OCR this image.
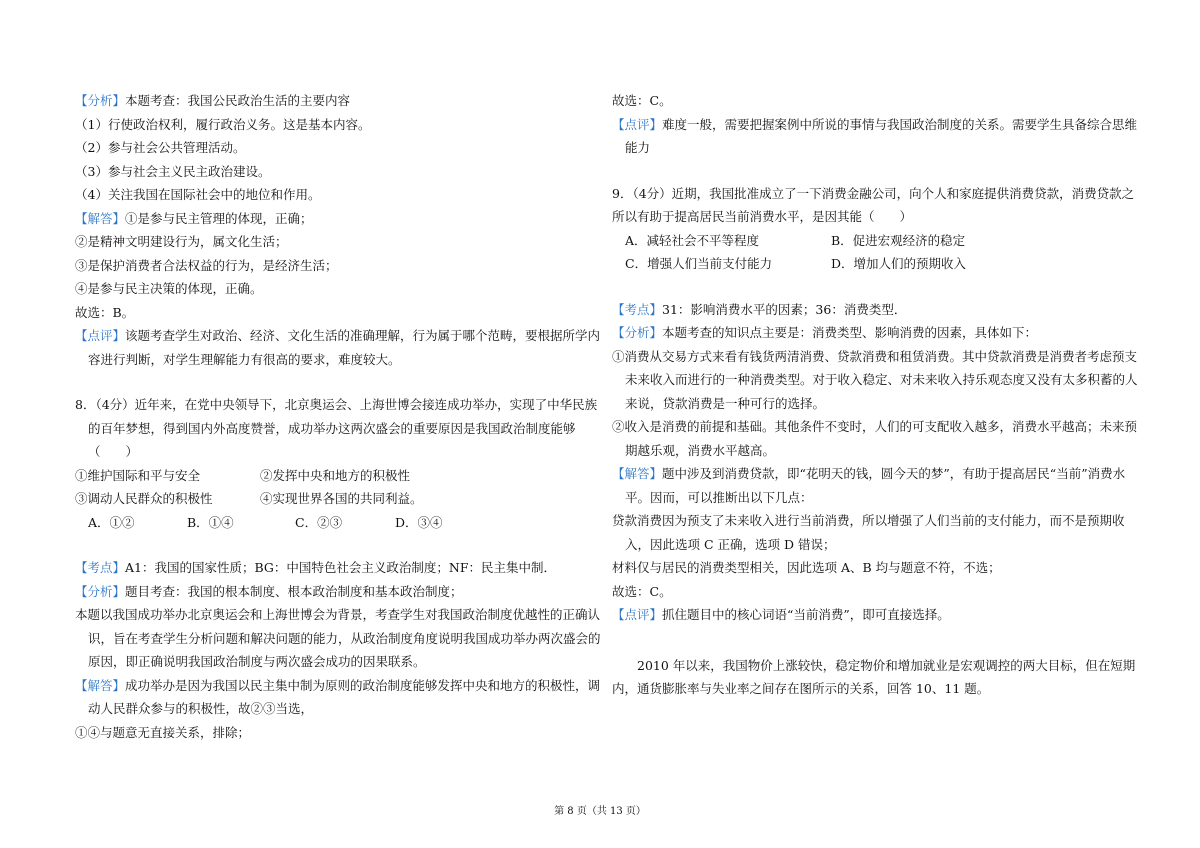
【分析】本题考查：我国公民政治生活的主要内容
（1）行使政治权利，履行政治义务。这是基本内容。
（2）参与社会公共管理活动。
（3）参与社会主义民主政治建设。
（4）关注我国在国际社会中的地位和作用。
【解答】①是参与民主管理的体现，正确；
②是精神文明建设行为，属文化生活；
③是保护消费者合法权益的行为，是经济生活；
④是参与民主决策的体现，正确。
故选：B。
【点评】该题考查学生对政治、经济、文化生活的准确理解，行为属于哪个范畴，要根据所学内
容进行判断，对学生理解能力有很高的要求，难度较大。
8．（4分）近年来，在党中央领导下，北京奥运会、上海世博会接连成功举办，实现了中华民族
的百年梦想，得到国内外高度赞誉，成功举办这两次盛会的重要原因是我国政治制度能够
（　　）
①维护国际和平与安全	②发挥中央和地方的积极性
③调动人民群众的积极性	④实现世界各国的共同利益。
A．①②	B．①④	C．②③	D．③④
【考点】A1：我国的国家性质；BG：中国特色社会主义政治制度；NF：民主集中制．
【分析】题目考查：我国的根本制度、根本政治制度和基本政治制度；
本题以我国成功举办北京奥运会和上海世博会为背景，考查学生对我国政治制度优越性的正确认
识，旨在考查学生分析问题和解决问题的能力，从政治制度角度说明我国成功举办两次盛会的
原因，即正确说明我国政治制度与两次盛会成功的因果联系。
【解答】成功举办是因为我国以民主集中制为原则的政治制度能够发挥中央和地方的积极性，调
动人民群众参与的积极性，故②③当选，
①④与题意无直接关系，排除；
故选：C。
【点评】难度一般，需要把握案例中所说的事情与我国政治制度的关系。需要学生具备综合思维
能力
9．（4分）近期，我国批准成立了一下消费金融公司，向个人和家庭提供消费贷款，消费贷款之
所以有助于提高居民当前消费水平，是因其能（　　）
A．减轻社会不平等程度	B．促进宏观经济的稳定
C．增强人们当前支付能力	D．增加人们的预期收入
【考点】31：影响消费水平的因素；36：消费类型．
【分析】本题考查的知识点主要是：消费类型、影响消费的因素，具体如下：
①消费从交易方式来看有钱货两清消费、贷款消费和租赁消费。其中贷款消费是消费者考虑预支
未来收入而进行的一种消费类型。对于收入稳定、对未来收入持乐观态度又没有太多积蓄的人
来说，贷款消费是一种可行的选择。
②收入是消费的前提和基础。其他条件不变时，人们的可支配收入越多，消费水平越高；未来预
期越乐观，消费水平越高。
【解答】题中涉及到消费贷款，即“花明天的钱，圆今天的梦”，有助于提高居民“当前”消费水
平。因而，可以推断出以下几点：
贷款消费因为预支了未来收入进行当前消费，所以增强了人们当前的支付能力，而不是预期收
入，因此选项 C 正确，选项 D 错误；
材料仅与居民的消费类型相关，因此选项 A、B 均与题意不符，不选；
故选：C。
【点评】抓住题目中的核心词语“当前消费”，即可直接选择。
2010 年以来，我国物价上涨较快，稳定物价和增加就业是宏观调控的两大目标，但在短期
内，通货膨胀率与失业率之间存在图所示的关系，回答 10、11 题。
第 8 页（共 13 页）
